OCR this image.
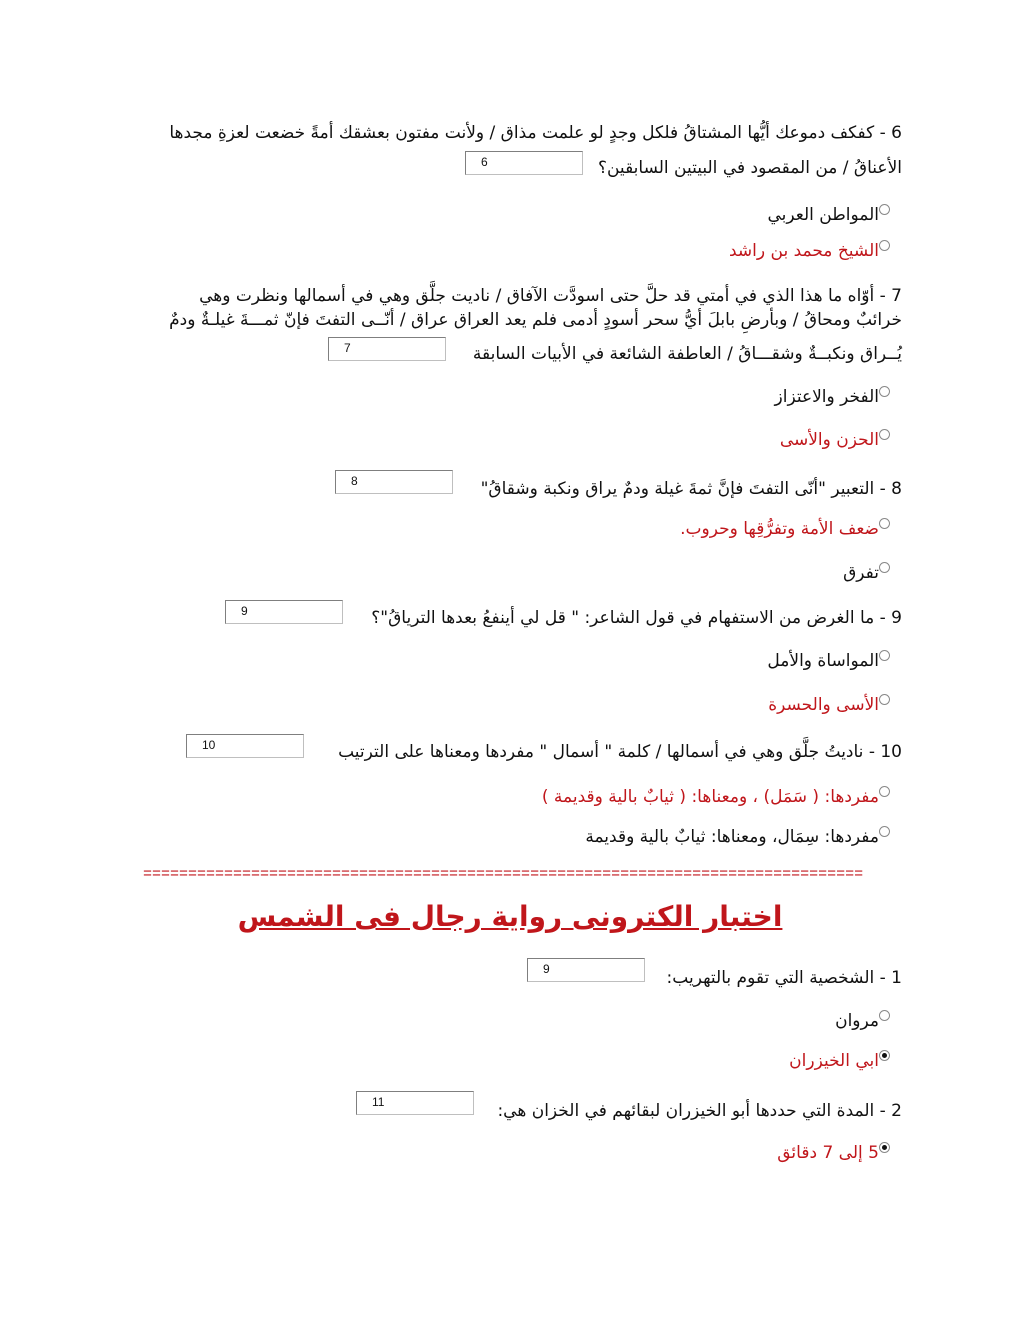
6 - كفكف دموعك أيُّها المشتاقُ فلكل وجدٍ لو علمت مذاق / ولأنت مفتون بعشقك أمةً خضعت لعزةِ مجدها
الأعناقُ / من المقصود في البيتين السابقين؟
6
المواطن العربي
الشيخ محمد بن راشد
7 - أوّاه ما هذا الذي في أمتي قد حلَّ حتى اسودَّت الآفاق / ناديت جلَّق وهي في أسمالها ونظرت وهي
خرائبٌ ومحاقُ / وبأرضِ بابلَ أيُّ سحر أسودٍ أدمى فلم يعد العراق عراق / أنّــى التفتَ فإنّ ثمـــةَ غيلـةٌ ودمٌ
يُــراق ونكبــةٌ وشقـــاقُ / العاطفة الشائعة في الأبيات السابقة
7
الفخر والاعتزاز
الحزن والأسى
8 - التعبير "أنّى التفتَ فإنَّ ثمةَ غيلة ودمٌ يراق ونكبة وشقاقُ"
8
ضعف الأمة وتفرُّقِها وحروب.
تفرق
9 - ما الغرض من الاستفهام في قول الشاعر: " قل لي أينفعُ بعدها الترياقُ"؟
9
المواساة والأمل
الأسى والحسرة
10 - ناديتُ جلَّق وهي في أسمالها / كلمة " أسمال " مفردها ومعناها على الترتيب
10
مفردها: ( سَمَل) ، ومعناها: ( ثيابٌ بالية وقديمة )
مفردها: سِمَال، ومعناها: ثيابٌ بالية وقديمة
================================================================================
اختبار الكترونى رواية رجال فى الشمس
1 - الشخصية التي تقوم بالتهريب:
9
مروان
ابي الخيزران
2 - المدة التي حددها أبو الخيزران لبقائهم في الخزان هي:
11
5 إلى 7 دقائق
